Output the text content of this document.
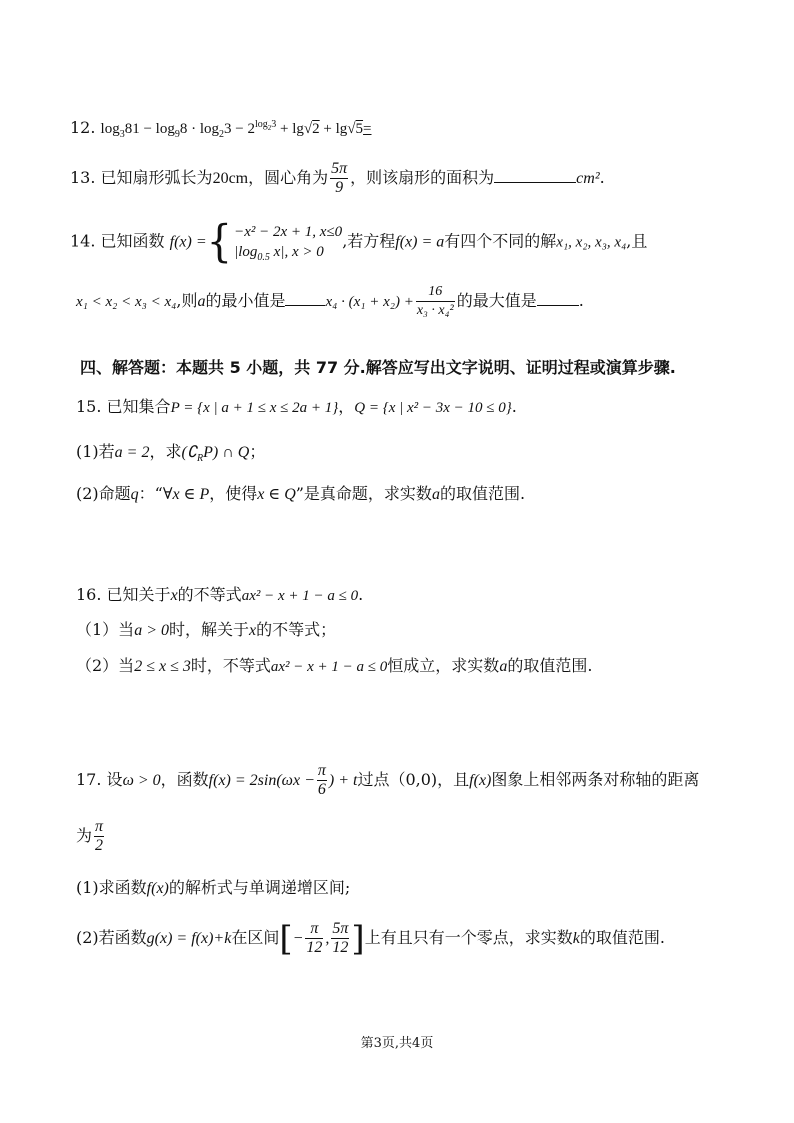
12. $\log_381 - \log_98 \cdot \log_23 - 2^{log_23} + \lg√2 + \lg√5=$
13. 已知扇形弧长为20cm，圆心角为 $\frac{5\pi}{9}$ ，则该扇形的面积为	cm².
14. 已知函数 f(x) ={ −x² − 2x + 1, x≤0
$|\log_{0.5}$ x|, x > 0
,若方程f(x) = a有四个不同的解x₁, x₂, x₃, x₄,且
x₁ < x₂ < x₃ < x₄,则a的最小值是	$x_4 \cdot (x_1 + x_2) + \frac{16}{\text{x₃ · x₄²}}$ 的最大值是	.
四、解答题：本题共 5 小题，共 77 分.解答应写出文字说明、证明过程或演算步骤.
15. 已知集合P = {x | a + 1 ≤ x ≤ 2a + 1}，Q = {x | x² − 3x − 10 ≤ 0}.
(1)若a = 2，求$(∁_RP)$ ∩ Q；
(2)命题q：“∀x ∈ P，使得x ∈ Q”是真命题，求实数a的取值范围.
16. 已知关于x的不等式ax² − x + 1 − a ≤ 0.
（1）当a > 0时，解关于x的不等式；
（2）当2 ≤ x ≤ 3时，不等式ax² − x + 1 − a ≤ 0恒成立，求实数a的取值范围.
17. 设ω > 0，函数$f(x) = 2\sin(\omega x - \frac{\pi}{6}$ ) + t过点（0,0)，且f(x)图象上相邻两条对称轴的距离
为 $\frac{\pi}{2}$
(1)求函数f(x)的解析式与单调递增区间;
(2)若函数g(x) = f(x)+k在区间[− $\frac{\pi}{12}$ , $\frac{5\pi}{12}$ ]上有且只有一个零点，求实数k的取值范围.
第3页,共4页
